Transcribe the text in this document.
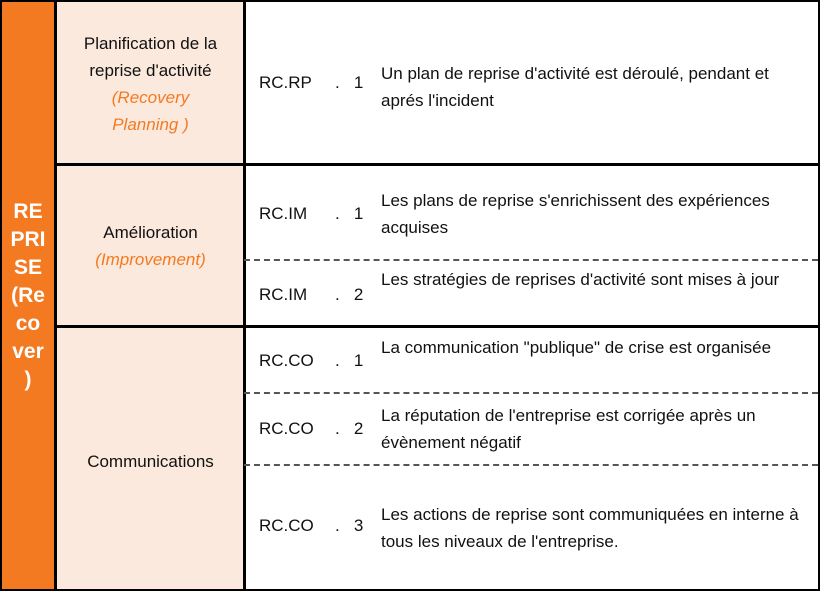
RE
PRI
SE
(Re
co
ver
)
Planification de la reprise d'activité
(Recovery Planning )
Amélioration
(Improvement)
Communications
RC.RP . 1 Un plan de reprise d'activité est déroulé, pendant et aprés l'incident
RC.IM . 1
Les plans de reprise s'enrichissent des expériences acquises
RC.IM . 2
Les stratégies de reprises d'activité sont mises à jour
RC.CO . 1
La communication "publique" de crise est organisée
RC.CO . 2
La réputation de l'entreprise est corrigée après un évènement négatif
RC.CO . 3
Les actions de reprise sont communiquées en interne à tous les niveaux de l'entreprise.
